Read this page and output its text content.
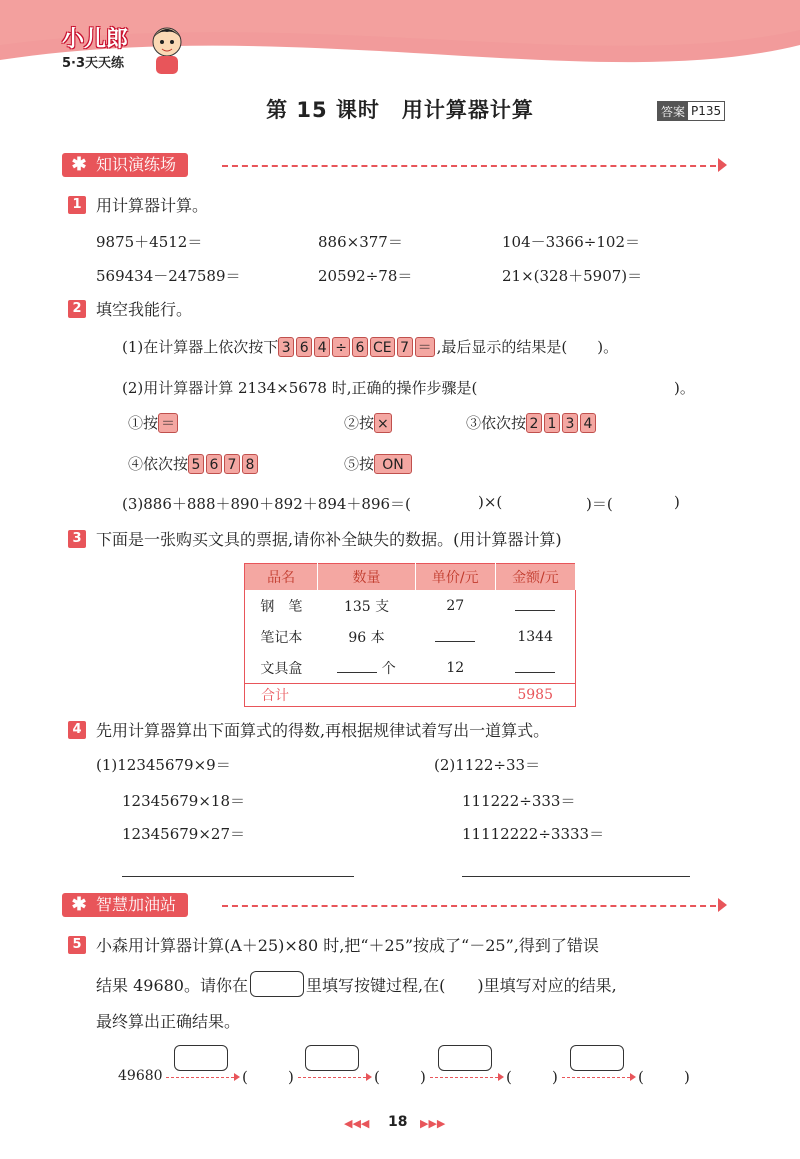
小儿郎
5·3天天练
第 15 课时　用计算器计算	答案 P135
知识演练场
✱
1 用计算器计算。
9875＋4512＝	886×377＝	104－3366÷102＝
569434－247589＝	20592÷78＝	21×(328＋5907)＝
2 填空我能行。
(1)在计算器上依次按下 3 6 4 ÷ 6 CE 7 ＝ ,最后显示的结果是(　　)。
(2)用计算器计算 2134×5678 时,正确的操作步骤是(	)。
①按 ＝	②按 ×	③依次按 2 1 3 4
④依次按 5 6 7 8	⑤按 ON
(3)886＋888＋890＋892＋894＋896＝(	)×(	)＝(	)
3 下面是一张购买文具的票据,请你补全缺失的数据。(用计算器计算)
品名	数量	单价/元	金额/元
钢　笔	135 支	27	
笔记本	96 本		1344
文具盒	个	12	
合计			5985
4 先用计算器算出下面算式的得数,再根据规律试着写出一道算式。
(1)12345679×9＝
12345679×18＝
12345679×27＝
(2)1122÷33＝
111222÷333＝
11112222÷3333＝
智慧加油站
✱
5 小森用计算器计算(A＋25)×80 时,把“＋25”按成了“－25”,得到了错误
结果 49680。请你在	里填写按键过程,在(　　)里填写对应的结果,
最终算出正确结果。
49680	(	)	(	)	(	)	(	)
◀◀◀ 18 ▶▶▶
